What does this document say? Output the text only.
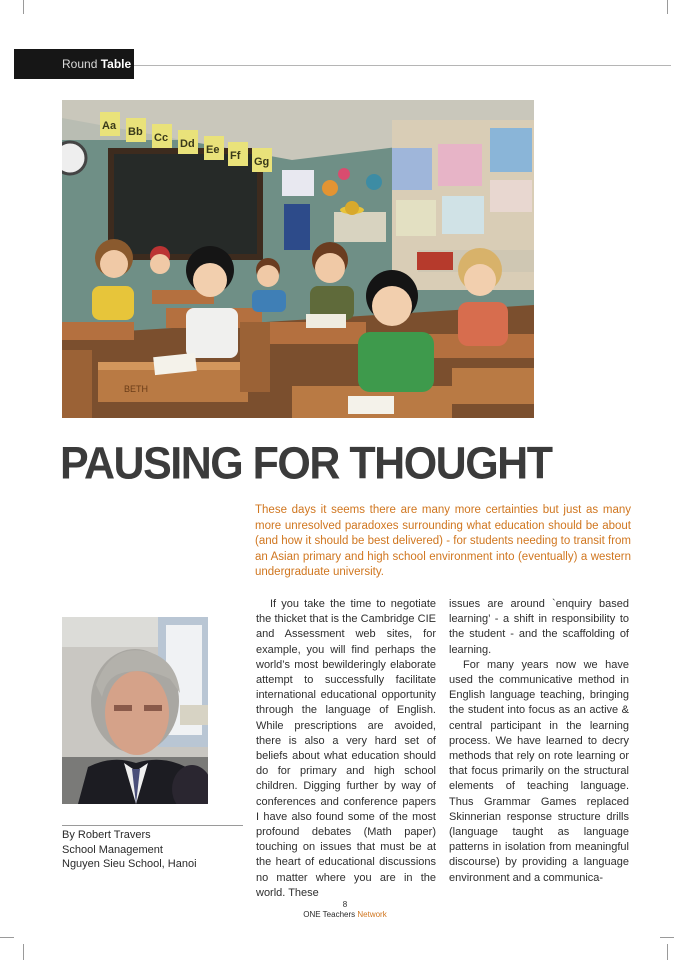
Round Table
Aa Bb Cc Dd Ee Ff Gg
BETH
PAUSING FOR THOUGHT
These days it seems there are many more certainties but just as many more unresolved paradoxes surrounding what education should be about (and how it should be best delivered) - for students needing to transit from an Asian primary and high school environment into (eventually) a western undergraduate university.
By Robert Travers
School Management
Nguyen Sieu School, Hanoi

If you take the time to negotiate the thicket that is the Cambridge CIE and Assessment web sites, for example, you will find perhaps the world’s most bewilderingly elaborate attempt to successfully facilitate international educational opportunity through the language of English. While prescriptions are avoided, there is also a very hard set of beliefs about what education should do for primary and high school children. Digging further by way of conferences and conference papers I have also found some of the most profound debates (Math paper) touching on issues that must be at the heart of educational discussions no matter where you are in the world. These

issues are around `enquiry based learning’ - a shift in responsibility to the student - and the scaffolding of learning.

For many years now we have used the communicative method in English language teaching, bringing the student into focus as an active & central participant in the learning process. We have learned to decry methods that rely on rote learning or that focus primarily on the structural elements of teaching language. Thus Grammar Games replaced Skinnerian response structure drills (language taught as language patterns in isolation from meaningful discourse) by providing a language environment and a communica-

8
ONE Teachers Network
